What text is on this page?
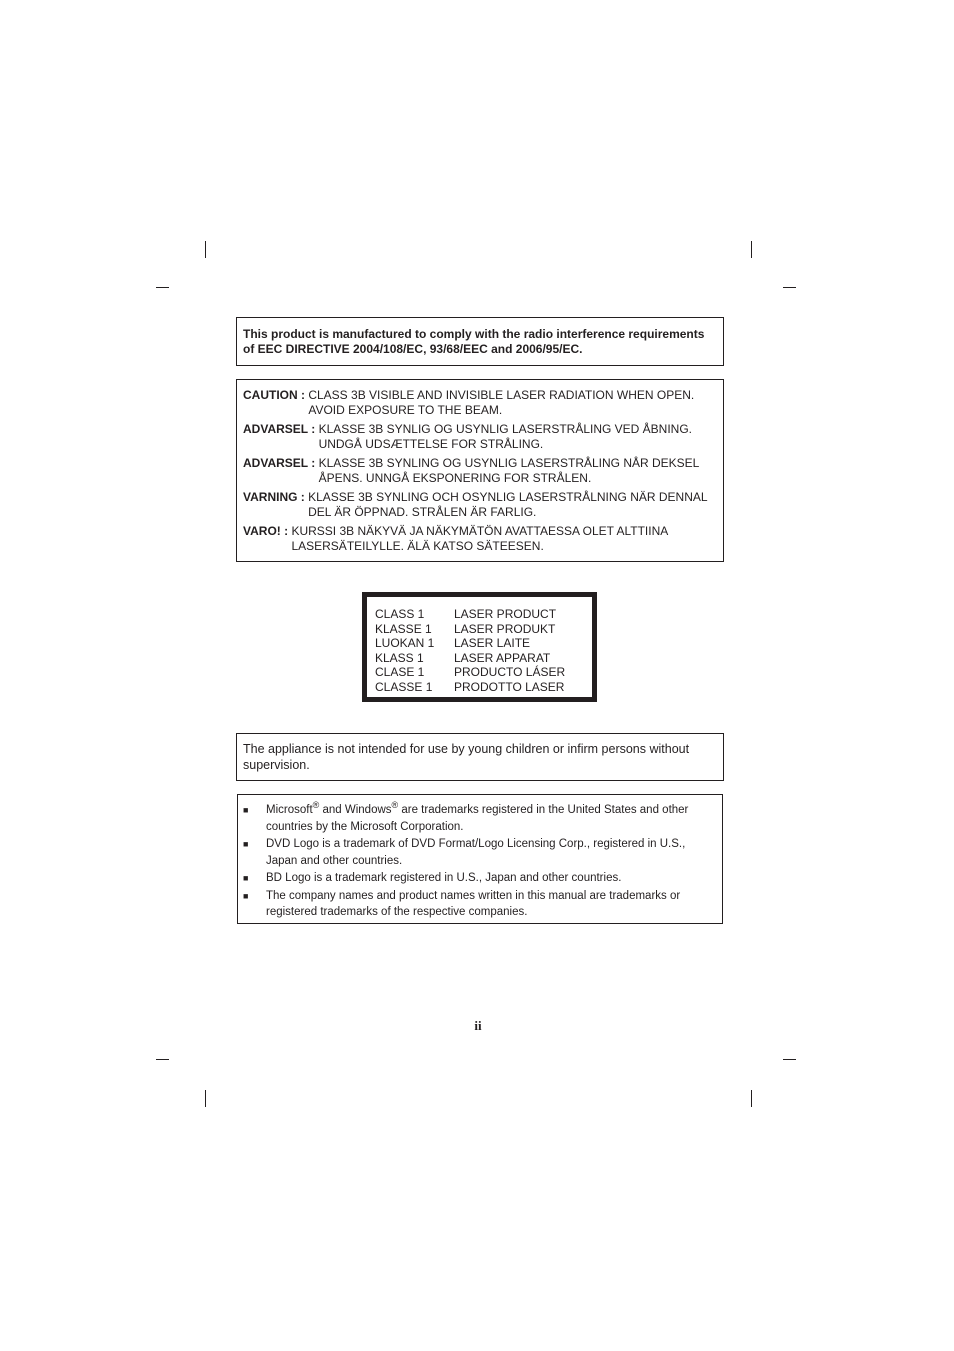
This product is manufactured to comply with the radio interference requirements of EEC DIRECTIVE 2004/108/EC, 93/68/EEC and 2006/95/EC.

CAUTION : CLASS 3B VISIBLE AND INVISIBLE LASER RADIATION WHEN OPEN. AVOID EXPOSURE TO THE BEAM.
ADVARSEL : KLASSE 3B SYNLIG OG USYNLIG LASERSTRÅLING VED ÅBNING. UNDGÅ UDSÆTTELSE FOR STRÅLING.
ADVARSEL : KLASSE 3B SYNLING OG USYNLIG LASERSTRÅLING NÅR DEKSEL ÅPENS. UNNGÅ EKSPONERING FOR STRÅLEN.
VARNING : KLASSE 3B SYNLING OCH OSYNLIG LASERSTRÅLNING NÄR DENNAL DEL ÄR ÖPPNAD. STRÅLEN ÄR FARLIG.
VARO! : KURSSI 3B NÄKYVÄ JA NÄKYMÄTÖN AVATTAESSA OLET ALTTIINA LASERSÄTEILYLLE. ÄLÄ KATSO SÄTEESEN.
CLASS 1	LASER PRODUCT
KLASSE 1	LASER PRODUKT
LUOKAN 1	LASER LAITE
KLASS 1	LASER APPARAT
CLASE 1	PRODUCTO LÁSER
CLASSE 1	PRODOTTO LASER

The appliance is not intended for use by young children or infirm persons without supervision.

■	Microsoft® and Windows® are trademarks registered in the United States and other countries by the Microsoft Corporation.
■	DVD Logo is a trademark of DVD Format/Logo Licensing Corp., registered in U.S., Japan and other countries.
■	BD Logo is a trademark registered in U.S., Japan and other countries.
■	The company names and product names written in this manual are trademarks or registered trademarks of the respective companies.
ii
